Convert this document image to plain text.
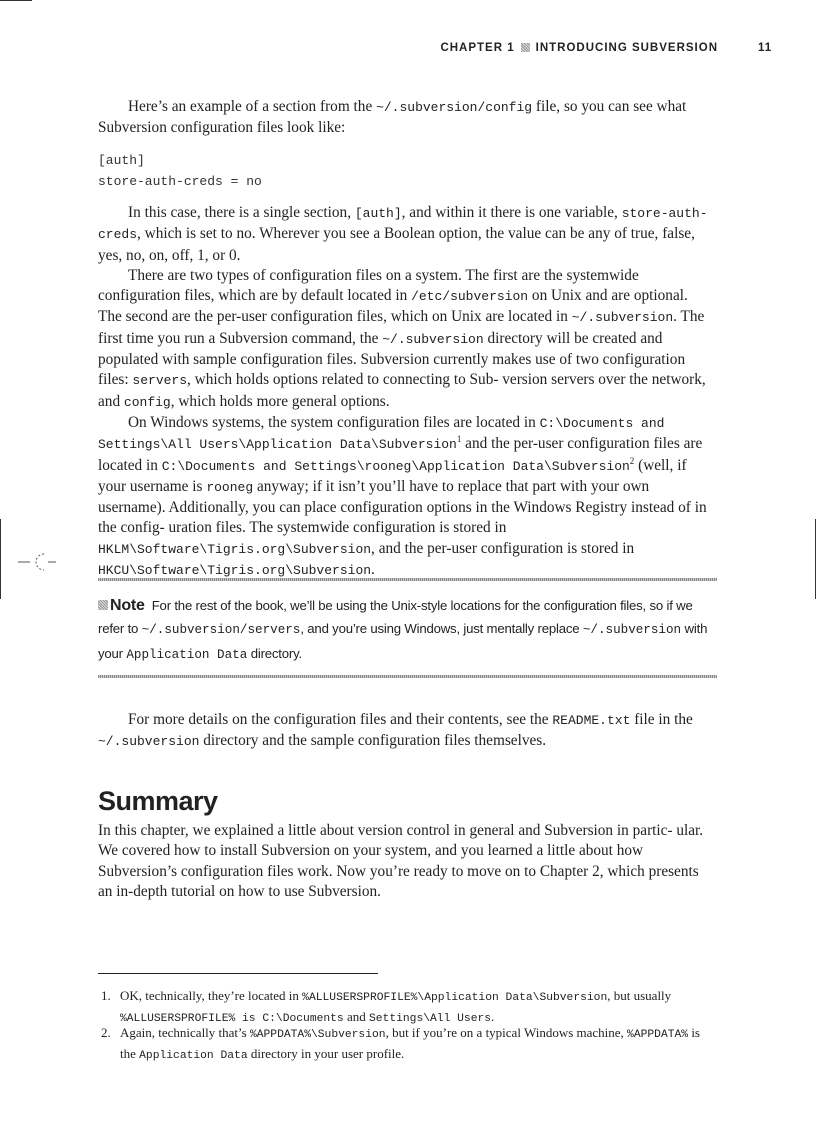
CHAPTER 1 INTRODUCING SUBVERSION	11

Here’s an example of a section from the ~/.subversion/config file, so you can see what Subversion configuration files look like:

[auth]
store-auth-creds = no

In this case, there is a single section, [auth], and within it there is one variable, store-auth-creds, which is set to no. Wherever you see a Boolean option, the value can be any of true, false, yes, no, on, off, 1, or 0.

There are two types of configuration files on a system. The first are the systemwide configuration files, which are by default located in /etc/subversion on Unix and are optional. The second are the per-user configuration files, which on Unix are located in ~/.subversion. The first time you run a Subversion command, the ~/.subversion directory will be created and populated with sample configuration files. Subversion currently makes use of two configuration files: servers, which holds options related to connecting to Sub- version servers over the network, and config, which holds more general options.

On Windows systems, the system configuration files are located in C:\Documents and Settings\All Users\Application Data\Subversion$^1$ and the per-user configuration files are located in C:\Documents and Settings\rooneg\Application Data\Subversion$^2$ (well, if your username is rooneg anyway; if it isn’t you’ll have to replace that part with your own username). Additionally, you can place configuration options in the Windows Registry instead of in the config- uration files. The systemwide configuration is stored in HKLM\Software\Tigris.org\Subversion, and the per-user configuration is stored in HKCU\Software\Tigris.org\Subversion.

Note For the rest of the book, we’ll be using the Unix-style locations for the configuration files, so if we refer to ~/.subversion/servers, and you’re using Windows, just mentally replace ~/.subversion with your Application Data directory.

For more details on the configuration files and their contents, see the README.txt file in the ~/.subversion directory and the sample configuration files themselves.

Summary

In this chapter, we explained a little about version control in general and Subversion in partic- ular. We covered how to install Subversion on your system, and you learned a little about how Subversion’s configuration files work. Now you’re ready to move on to Chapter 2, which presents an in-depth tutorial on how to use Subversion.

1. OK, technically, they’re located in %ALLUSERSPROFILE%\Application Data\Subversion, but usually %ALLUSERSPROFILE% is C:\Documents and Settings\All Users.
2. Again, technically that’s %APPDATA%\Subversion, but if you’re on a typical Windows machine, %APPDATA% is the Application Data directory in your user profile.
